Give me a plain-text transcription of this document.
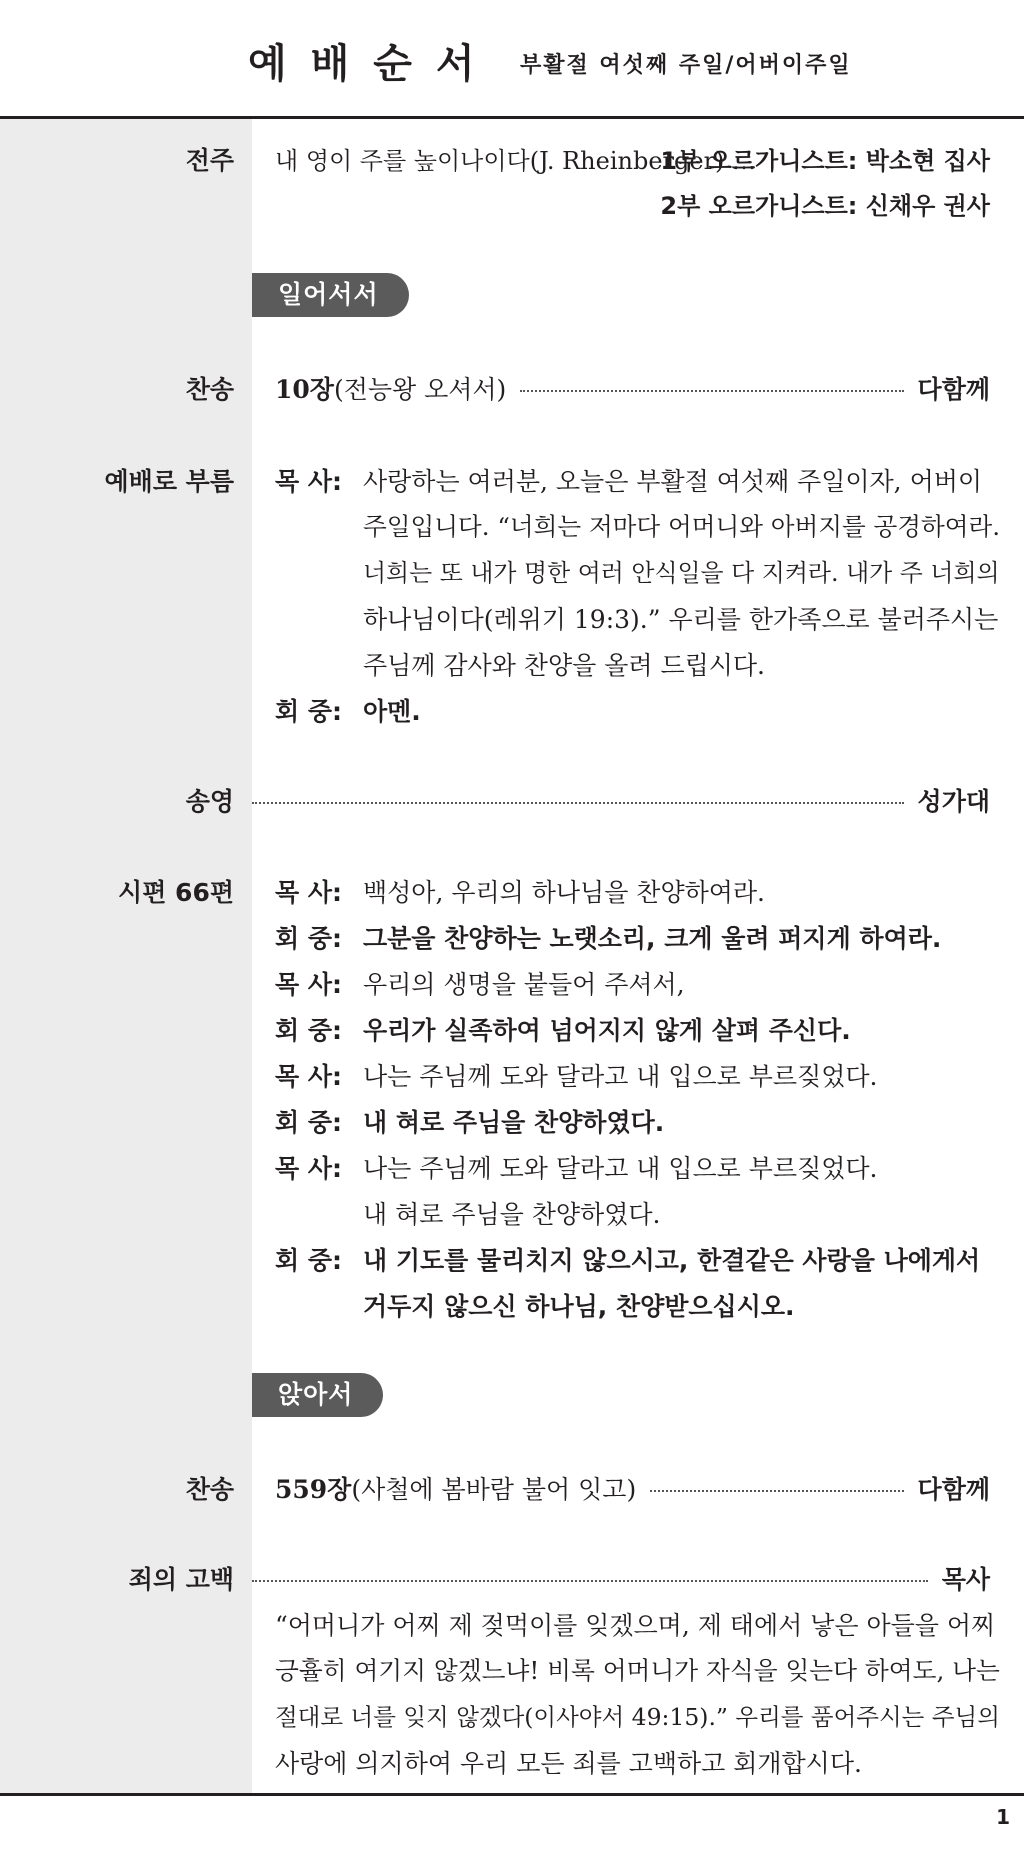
예배순서 부활절 여섯째 주일/어버이주일
전주 내 영이 주를 높이나이다(J. Rheinberger) …
1부 오르가니스트: 박소현 집사
2부 오르가니스트: 신채우 권사
일어서서
찬송 10장 (전능왕 오셔서)	다함께
예배로 부름 목 사: 사랑하는 여러분, 오늘은 부활절 여섯째 주일이자, 어버이
주일입니다. “너희는 저마다 어머니와 아버지를 공경하여라.
너희는 또 내가 명한 여러 안식일을 다 지켜라. 내가 주 너희의
하나님이다(레위기 19:3).” 우리를 한가족으로 불러주시는
주님께 감사와 찬양을 올려 드립시다.
회 중: 아멘.
송영	성가대
시편 66편 목 사: 백성아, 우리의 하나님을 찬양하여라.
회 중: 그분을 찬양하는 노랫소리, 크게 울려 퍼지게 하여라.
목 사: 우리의 생명을 붙들어 주셔서,
회 중: 우리가 실족하여 넘어지지 않게 살펴 주신다.
목 사: 나는 주님께 도와 달라고 내 입으로 부르짖었다.
회 중: 내 혀로 주님을 찬양하였다.
목 사: 나는 주님께 도와 달라고 내 입으로 부르짖었다.
내 혀로 주님을 찬양하였다.
회 중: 내 기도를 물리치지 않으시고, 한결같은 사랑을 나에게서
거두지 않으신 하나님, 찬양받으십시오.
앉아서
찬송 559장 (사철에 봄바람 불어 잇고)	다함께
죄의 고백	목사
“어머니가 어찌 제 젖먹이를 잊겠으며, 제 태에서 낳은 아들을 어찌
긍휼히 여기지 않겠느냐! 비록 어머니가 자식을 잊는다 하여도, 나는
절대로 너를 잊지 않겠다(이사야서 49:15).” 우리를 품어주시는 주님의
사랑에 의지하여 우리 모든 죄를 고백하고 회개합시다.
1
